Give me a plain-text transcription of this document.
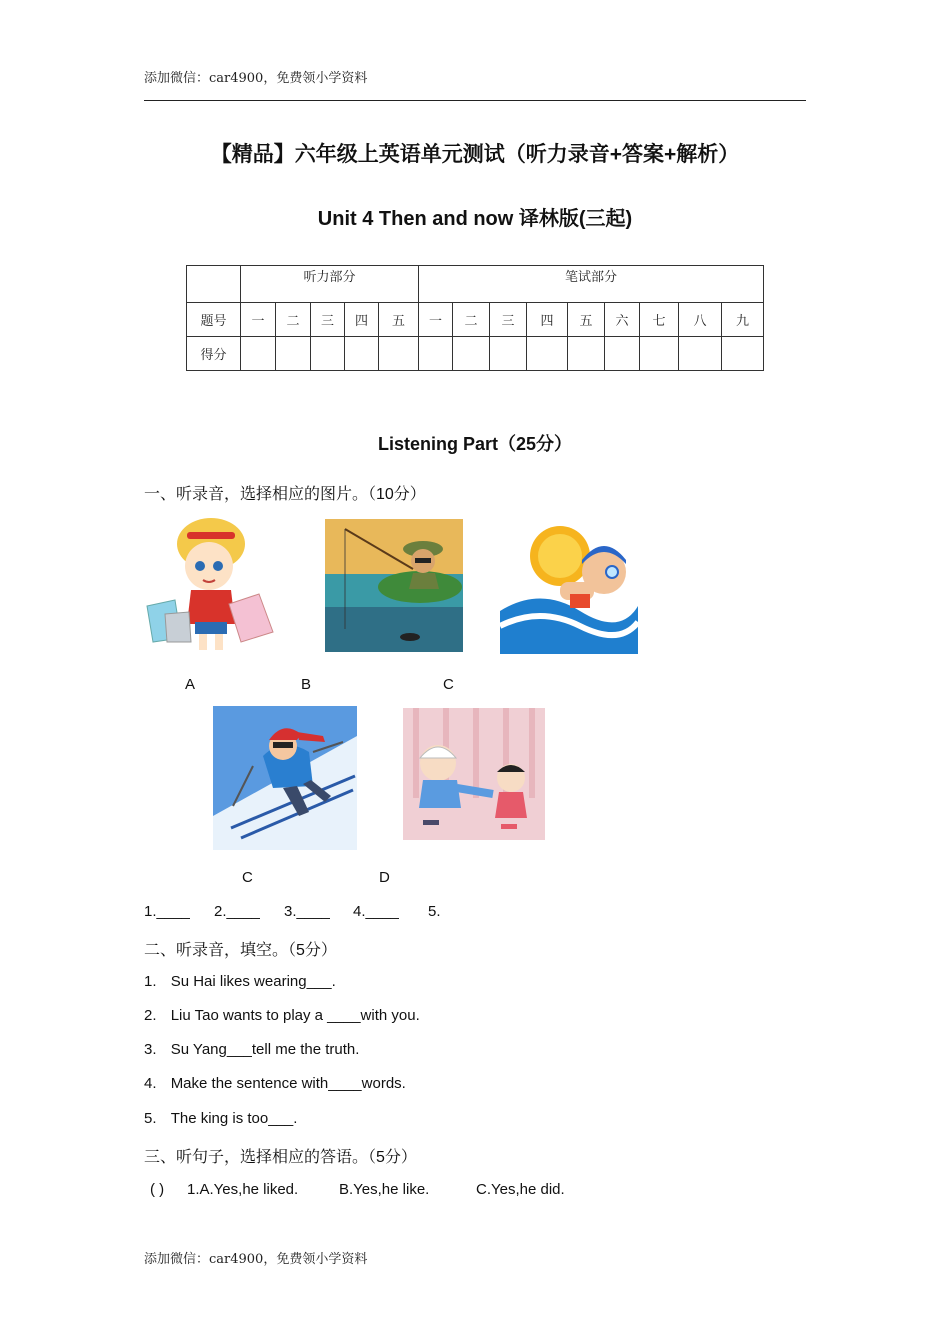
添加微信：car4900，免费领小学资料
【精品】六年级上英语单元测试（听力录音+答案+解析）
Unit 4 Then and now 译林版(三起)
	听力部分					笔试部分								
题号	一	二	三	四	五	一	二	三	四	五	六	七	八	九
得分														
Listening Part（25分）
一、听录音，选择相应的图片。（10分）
A	B	C
C	D
1.____ 2.____ 3.____ 4.____ 5.
二、听录音，填空。（5分）
1. Su Hai likes wearing___.
2. Liu Tao wants to play a ____with you.
3. Su Yang___tell me the truth.
4. Make the sentence with____words.
5. The king is too___.
三、听句子，选择相应的答语。（5分）
( ) 1.A.Yes,he liked.	B.Yes,he like.	C.Yes,he did.
添加微信：car4900，免费领小学资料
